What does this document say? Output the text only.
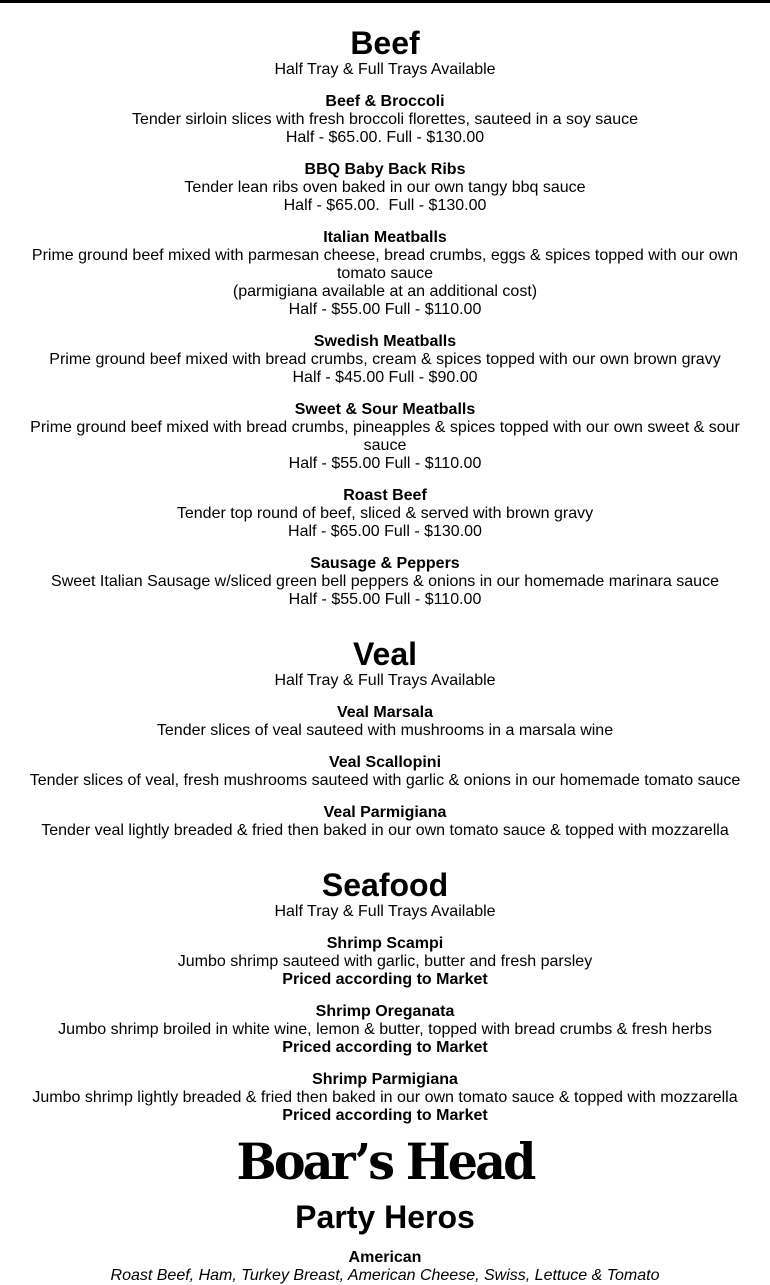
Beef
Half Tray & Full Trays Available
Beef & Broccoli
Tender sirloin slices with fresh broccoli florettes, sauteed in a soy sauce
Half - $65.00. Full - $130.00
BBQ Baby Back Ribs
Tender lean ribs oven baked in our own tangy bbq sauce
Half - $65.00.  Full - $130.00
Italian Meatballs
Prime ground beef mixed with parmesan cheese, bread crumbs, eggs & spices topped with our own tomato sauce
(parmigiana available at an additional cost)
Half - $55.00 Full - $110.00
Swedish Meatballs
Prime ground beef mixed with bread crumbs, cream & spices topped with our own brown gravy
Half - $45.00 Full - $90.00
Sweet & Sour Meatballs
Prime ground beef mixed with bread crumbs, pineapples & spices topped with our own sweet & sour sauce
Half - $55.00 Full - $110.00
Roast Beef
Tender top round of beef, sliced & served with brown gravy
Half - $65.00 Full - $130.00
Sausage & Peppers
Sweet Italian Sausage w/sliced green bell peppers & onions in our homemade marinara sauce
Half - $55.00 Full - $110.00
Veal
Half Tray & Full Trays Available
Veal Marsala
Tender slices of veal sauteed with mushrooms in a marsala wine
Veal Scallopini
Tender slices of veal, fresh mushrooms sauteed with garlic & onions in our homemade tomato sauce
Veal Parmigiana
Tender veal lightly breaded & fried then baked in our own tomato sauce & topped with mozzarella
Seafood
Half Tray & Full Trays Available
Shrimp Scampi
Jumbo shrimp sauteed with garlic, butter and fresh parsley
Priced according to Market
Shrimp Oreganata
Jumbo shrimp broiled in white wine, lemon & butter, topped with bread crumbs & fresh herbs
Priced according to Market
Shrimp Parmigiana
Jumbo shrimp lightly breaded & fried then baked in our own tomato sauce & topped with mozzarella
Priced according to Market
Boar’s Head
Party Heros
American
Roast Beef, Ham, Turkey Breast, American Cheese, Swiss, Lettuce & Tomato
